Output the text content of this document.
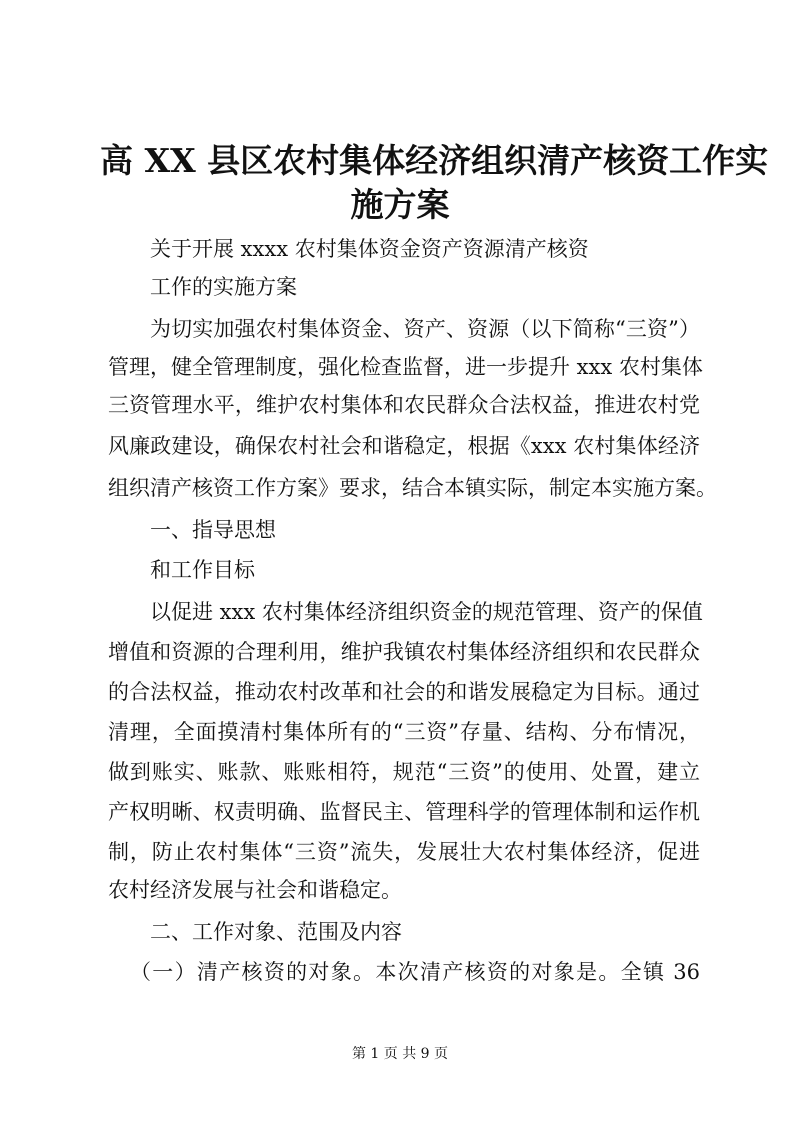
高 XX 县区农村集体经济组织清产核资工作实
施方案
关于开展 xxxx 农村集体资金资产资源清产核资
工作的实施方案
为切实加强农村集体资金、资产、资源（以下简称“三资”）
管理，健全管理制度，强化检查监督，进一步提升 xxx 农村集体
三资管理水平，维护农村集体和农民群众合法权益，推进农村党
风廉政建设，确保农村社会和谐稳定，根据《xxx 农村集体经济
组织清产核资工作方案》要求，结合本镇实际，制定本实施方案。
一、指导思想
和工作目标
以促进 xxx 农村集体经济组织资金的规范管理、资产的保值
增值和资源的合理利用，维护我镇农村集体经济组织和农民群众
的合法权益，推动农村改革和社会的和谐发展稳定为目标。通过
清理，全面摸清村集体所有的“三资”存量、结构、分布情况，
做到账实、账款、账账相符，规范“三资”的使用、处置，建立
产权明晰、权责明确、监督民主、管理科学的管理体制和运作机
制，防止农村集体“三资”流失，发展壮大农村集体经济，促进
农村经济发展与社会和谐稳定。
二、工作对象、范围及内容
（一）清产核资的对象。本次清产核资的对象是。全镇 36
第 1 页 共 9 页
